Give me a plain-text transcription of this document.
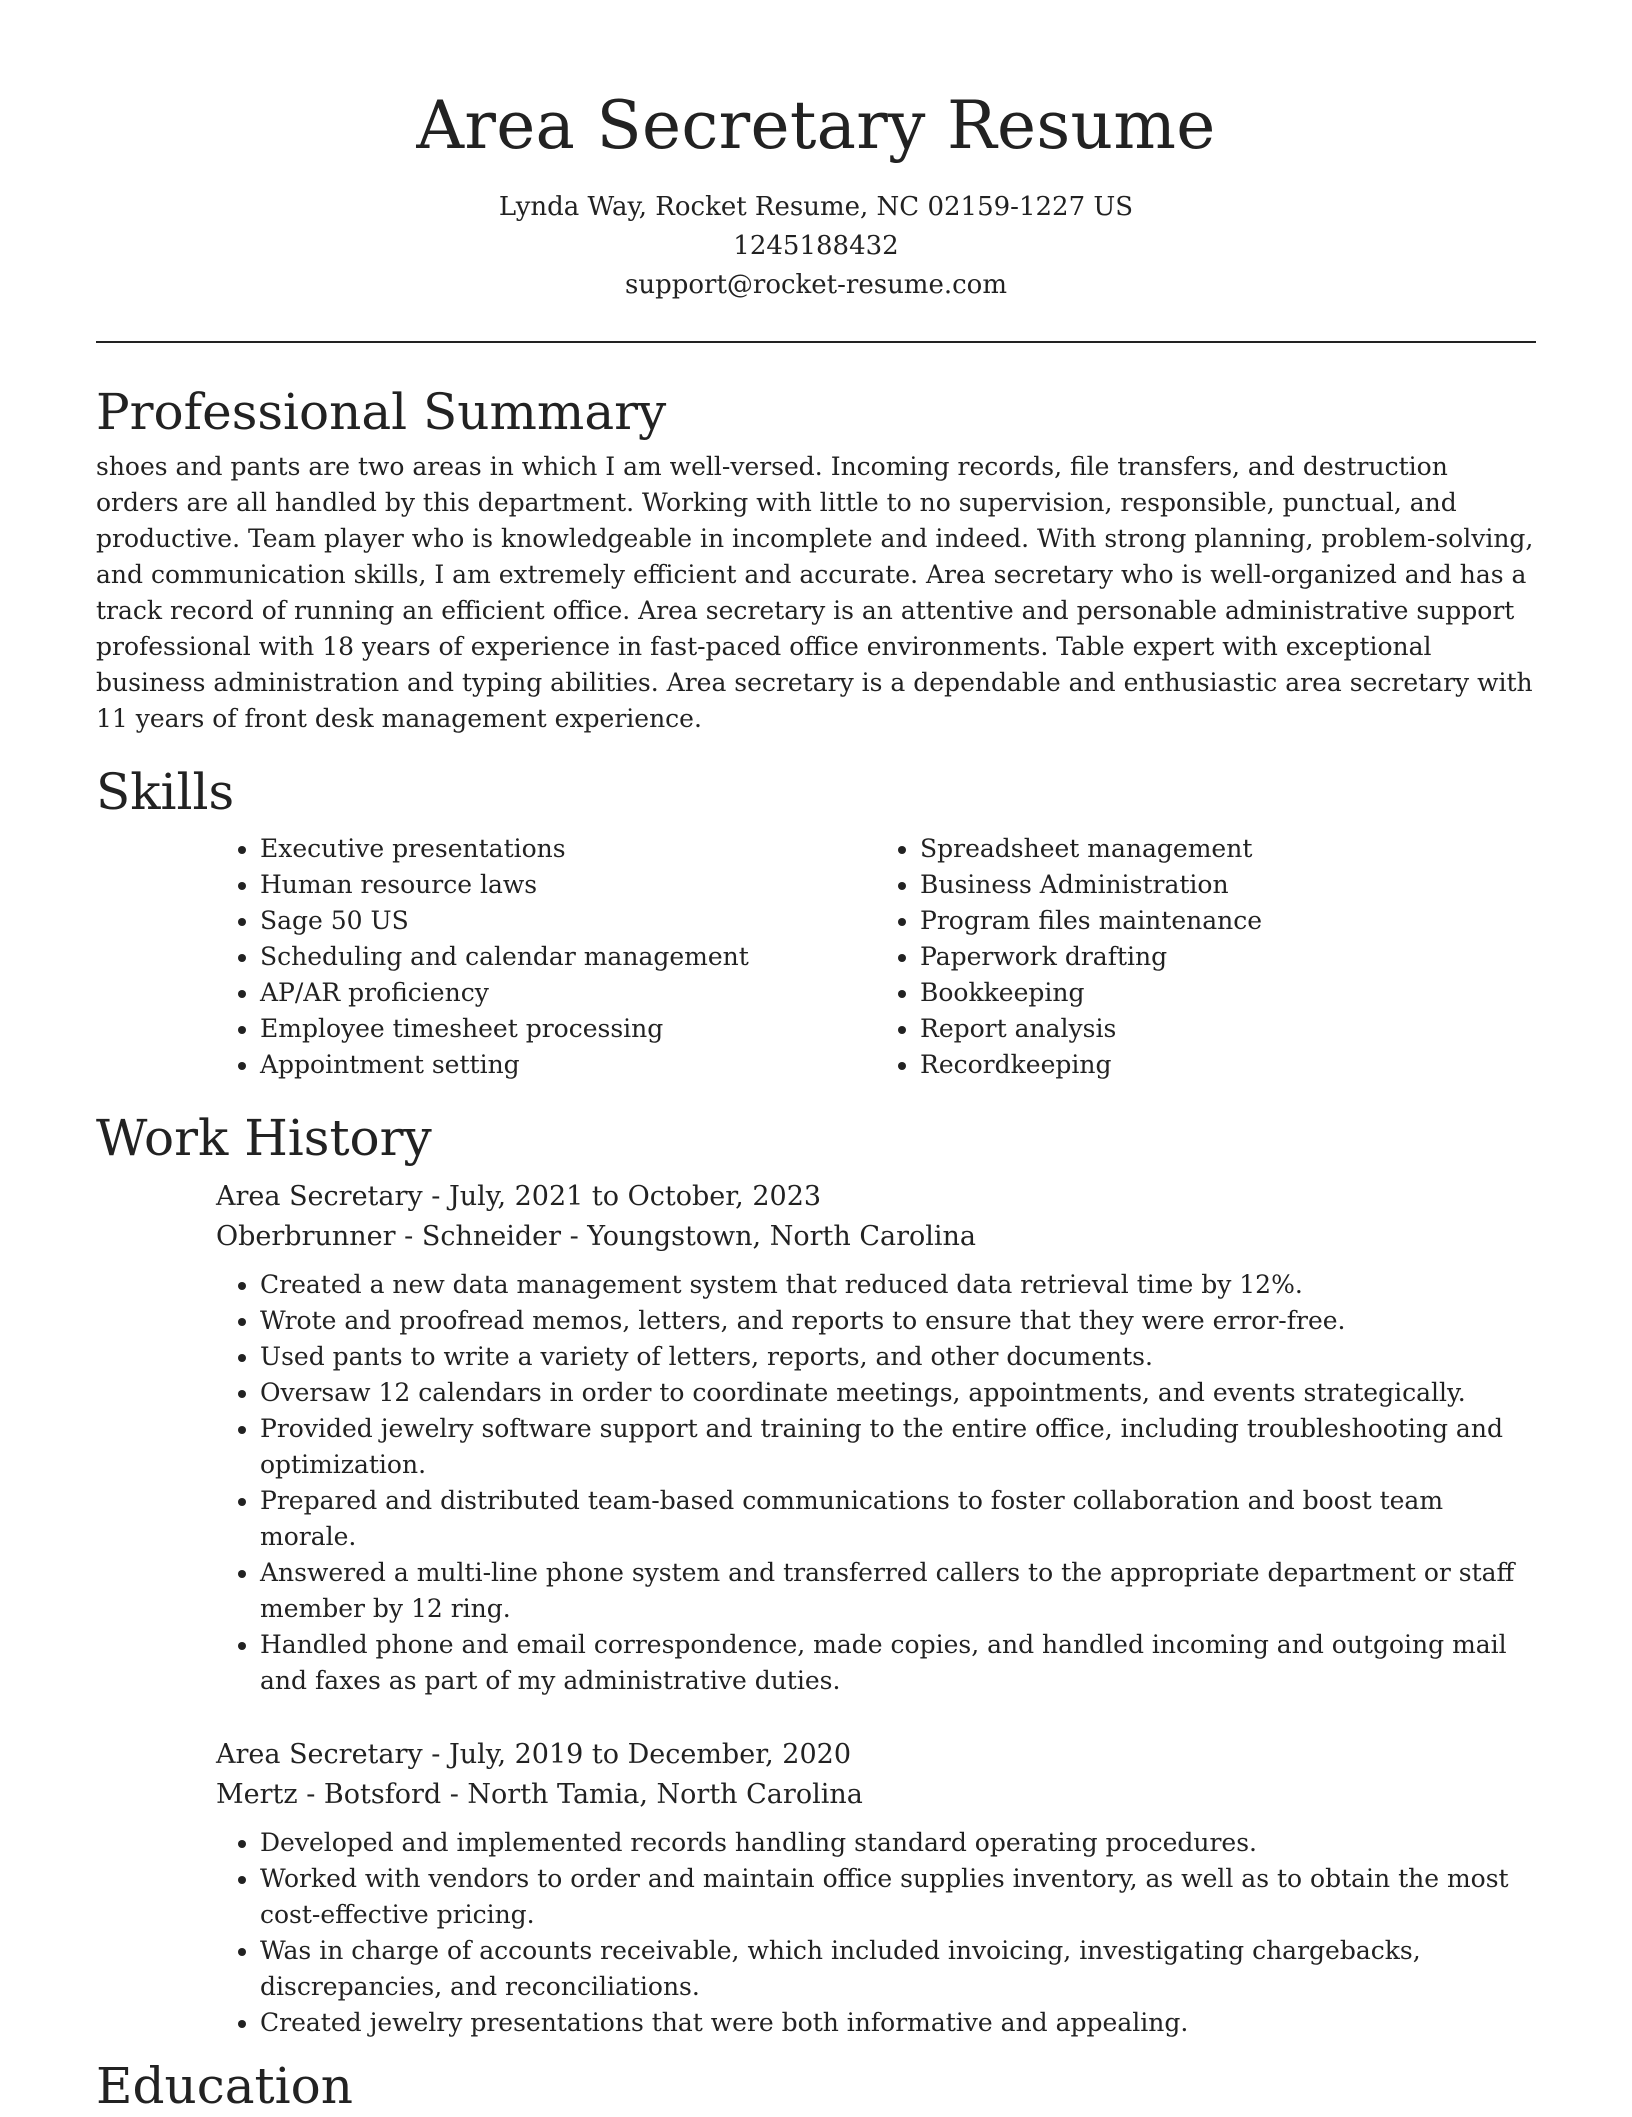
Area Secretary Resume
Lynda Way, Rocket Resume, NC 02159-1227 US
1245188432
support@rocket-resume.com
Professional Summary

shoes and pants are two areas in which I am well-versed. Incoming records, file transfers, and destruction orders are all handled by this department. Working with little to no supervision, responsible, punctual, and productive. Team player who is knowledgeable in incomplete and indeed. With strong planning, problem-solving, and communication skills, I am extremely efficient and accurate. Area secretary who is well-organized and has a track record of running an efficient office. Area secretary is an attentive and personable administrative support professional with 18 years of experience in fast-paced office environments. Table expert with exceptional business administration and typing abilities. Area secretary is a dependable and enthusiastic area secretary with 11 years of front desk management experience.

Skills
• Executive presentations
• Human resource laws
• Sage 50 US
• Scheduling and calendar management
• AP/AR proficiency
• Employee timesheet processing
• Appointment setting
• Spreadsheet management
• Business Administration
• Program files maintenance
• Paperwork drafting
• Bookkeeping
• Report analysis
• Recordkeeping
Work History
Area Secretary - July, 2021 to October, 2023
Oberbrunner - Schneider - Youngstown, North Carolina
• Created a new data management system that reduced data retrieval time by 12%.
• Wrote and proofread memos, letters, and reports to ensure that they were error-free.
• Used pants to write a variety of letters, reports, and other documents.
• Oversaw 12 calendars in order to coordinate meetings, appointments, and events strategically.
• Provided jewelry software support and training to the entire office, including troubleshooting and optimization.
• Prepared and distributed team-based communications to foster collaboration and boost team morale.
• Answered a multi-line phone system and transferred callers to the appropriate department or staff member by 12 ring.
• Handled phone and email correspondence, made copies, and handled incoming and outgoing mail and faxes as part of my administrative duties.
Area Secretary - July, 2019 to December, 2020
Mertz - Botsford - North Tamia, North Carolina
• Developed and implemented records handling standard operating procedures.
• Worked with vendors to order and maintain office supplies inventory, as well as to obtain the most cost-effective pricing.
• Was in charge of accounts receivable, which included invoicing, investigating chargebacks, discrepancies, and reconciliations.
• Created jewelry presentations that were both informative and appealing.
Education
